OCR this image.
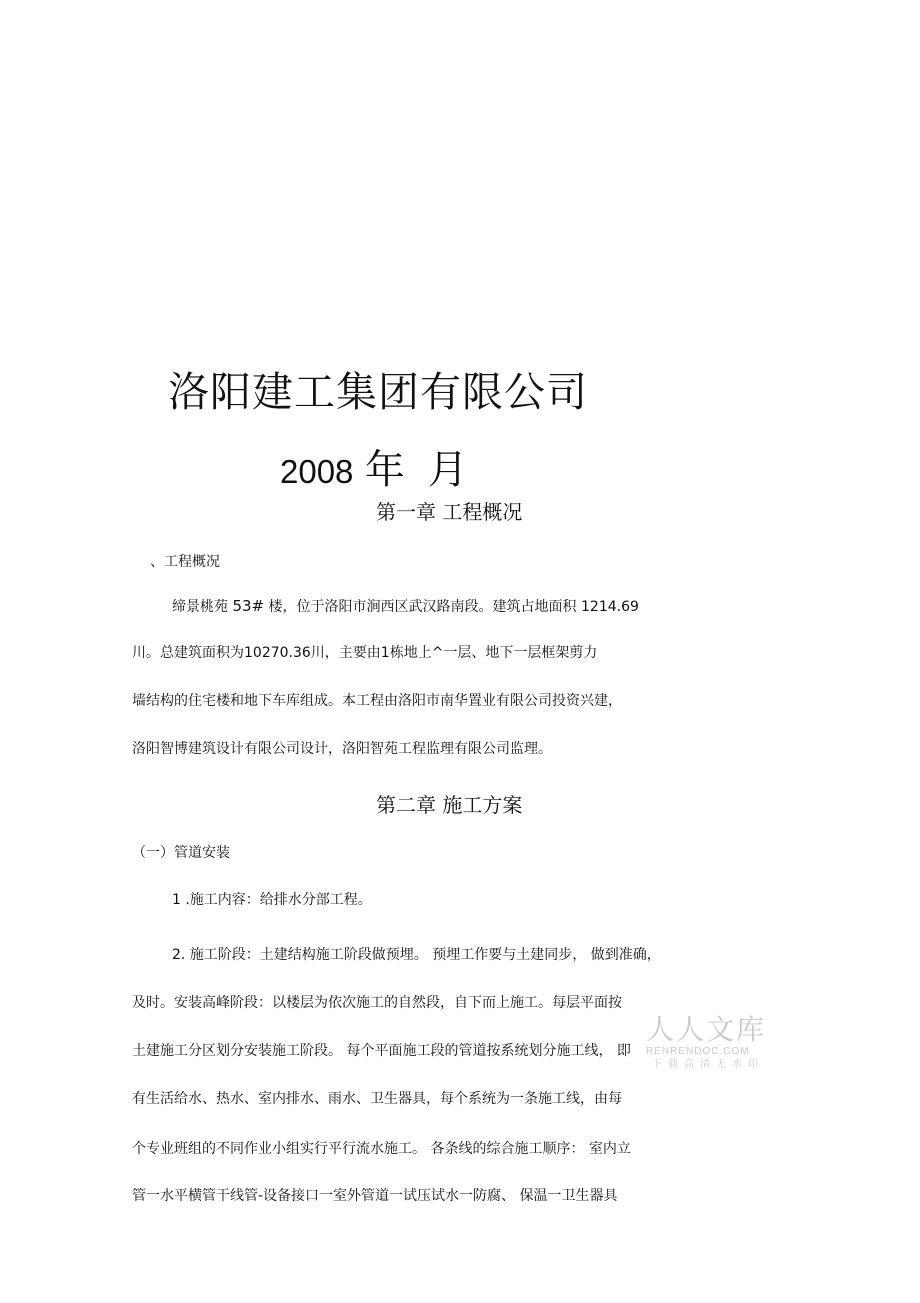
洛阳建工集团有限公司
2008 年 月
第一章 工程概况
、工程概况
缔景桃苑 53# 楼，位于洛阳市涧西区武汉路南段。建筑占地面积 1214.69
川。总建筑面积为10270.36川，主要由1栋地上^一层、地下一层框架剪力
墙结构的住宅楼和地下车库组成。本工程由洛阳市南华置业有限公司投资兴建，
洛阳智博建筑设计有限公司设计，洛阳智苑工程监理有限公司监理。
第二章 施工方案
（一）管道安装
1 .施工内容：给排水分部工程。
2. 施工阶段：土建结构施工阶段做预埋。 预埋工作要与土建同步， 做到准确，
及时。安装高峰阶段：以楼层为依次施工的自然段，自下而上施工。每层平面按
土建施工分区划分安装施工阶段。 每个平面施工段的管道按系统划分施工线， 即
有生活给水、热水、室内排水、雨水、卫生器具，每个系统为一条施工线，由每
个专业班组的不同作业小组实行平行流水施工。 各条线的综合施工顺序： 室内立
管一水平横管干线管-设备接口一室外管道一试压试水一防腐、 保温一卫生器具
人人文库
RENRENDOC.COM
下载高清无水印
